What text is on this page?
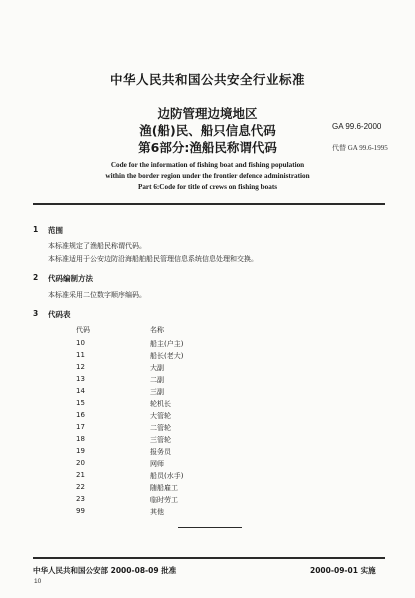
中华人民共和国公共安全行业标准
边防管理边境地区
渔(船)民、船只信息代码
第6部分:渔船民称谓代码
GA 99.6-2000
代替 GA 99.6-1995
Code for the information of fishing boat and fishing population
within the border region under the frontier defence administration
Part 6:Code for title of crews on fishing boats
1 范围
本标准规定了渔船民称谓代码。
本标准适用于公安边防沿海船舶船民管理信息系统信息处理和交换。
2 代码编制方法
本标准采用二位数字顺序编码。
3 代码表
代码	名称
10	船主(户主)
11	船长(老大)
12	大副
13	二副
14	三副
15	轮机长
16	大管轮
17	二管轮
18	三管轮
19	报务员
20	网师
21	船员(水手)
22	随船雇工
23	临时劳工
99	其他
中华人民共和国公安部 2000-08-09 批准	2000-09-01 实施
10
